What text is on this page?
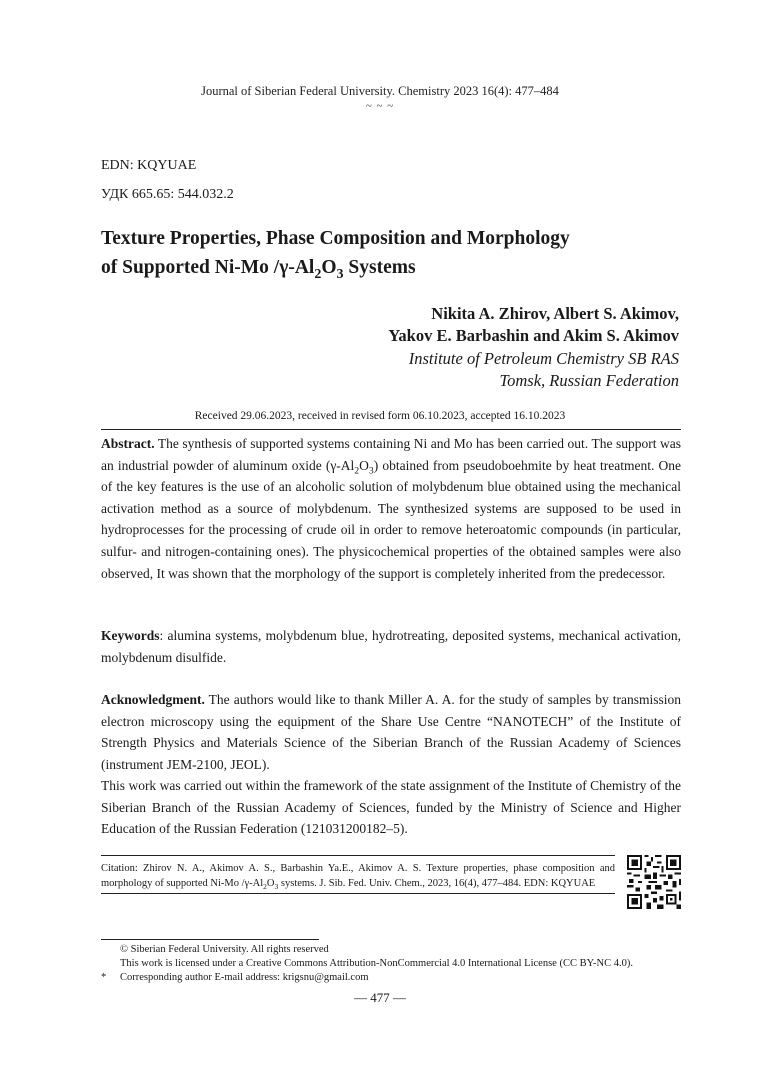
Journal of Siberian Federal University. Chemistry 2023 16(4): 477–484
~ ~ ~
EDN: KQYUAE
УДК 665.65: 544.032.2
Texture Properties, Phase Composition and Morphology
of Supported Ni-Mo $/\gamma-Al_2O_3$ Systems
Nikita A. Zhirov, Albert S. Akimov,
Yakov E. Barbashin and Akim S. Akimov
Institute of Petroleum Chemistry SB RAS
Tomsk, Russian Federation
Received 29.06.2023, received in revised form 06.10.2023, accepted 16.10.2023
Abstract. The synthesis of supported systems containing Ni and Mo has been carried out. The support was an industrial powder of aluminum oxide $(\gamma-Al_2O_3)$ obtained from pseudoboehmite by heat treatment. One of the key features is the use of an alcoholic solution of molybdenum blue obtained using the mechanical activation method as a source of molybdenum. The synthesized systems are supposed to be used in hydroprocesses for the processing of crude oil in order to remove heteroatomic compounds (in particular, sulfur- and nitrogen-containing ones). The physicochemical properties of the obtained samples were also observed, It was shown that the morphology of the support is completely inherited from the predecessor.
Keywords: alumina systems, molybdenum blue, hydrotreating, deposited systems, mechanical activation, molybdenum disulfide.
Acknowledgment. The authors would like to thank Miller A. A. for the study of samples by transmission electron microscopy using the equipment of the Share Use Centre “NANOTECH” of the Institute of Strength Physics and Materials Science of the Siberian Branch of the Russian Academy of Sciences (instrument JEM-2100, JEOL).
This work was carried out within the framework of the state assignment of the Institute of Chemistry of the Siberian Branch of the Russian Academy of Sciences, funded by the Ministry of Science and Higher Education of the Russian Federation (121031200182–5).
Citation: Zhirov N. A., Akimov A. S., Barbashin Ya.E., Akimov A. S. Texture properties, phase composition and morphology of supported Ni-Mo $/\gamma-Al_2O_3$ systems. J. Sib. Fed. Univ. Chem., 2023, 16(4), 477–484. EDN: KQYUAE
© Siberian Federal University. All rights reserved
This work is licensed under a Creative Commons Attribution-NonCommercial 4.0 International License (CC BY-NC 4.0).
* Corresponding author E-mail address: krigsnu@gmail.com
— 477 —
